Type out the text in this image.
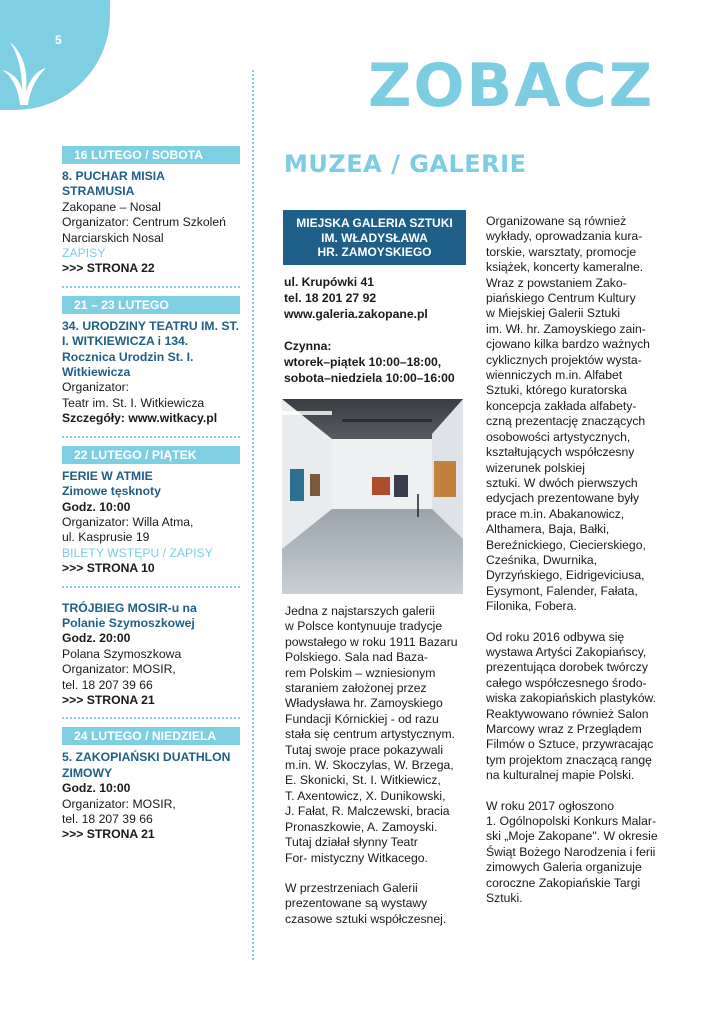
5
ZOBACZ
MUZEA / GALERIE
16 LUTEGO / SOBOTA
8. PUCHAR MISIA STRAMUSIA
Zakopane – Nosal
Organizator: Centrum Szkoleń Narciarskich Nosal
ZAPISY
>>> STRONA 22
21 – 23 LUTEGO
34. URODZINY TEATRU IM. ST. I. WITKIEWICZA i 134. Rocznica Urodzin St. I. Witkiewicza
Organizator:
Teatr im. St. I. Witkiewicza
Szczegóły: www.witkacy.pl
22 LUTEGO / PIĄTEK
FERIE W ATMIE
Zimowe tęsknoty
Godz. 10:00
Organizator: Willa Atma,
ul. Kasprusie 19
BILETY WSTĘPU / ZAPISY
>>> STRONA 10
TRÓJBIEG MOSIR-u na Polanie Szymoszkowej
Godz. 20:00
Polana Szymoszkowa
Organizator: MOSIR,
tel. 18 207 39 66
>>> STRONA 21
24 LUTEGO / NIEDZIELA
5. ZAKOPIAŃSKI DUATHLON ZIMOWY
Godz. 10:00
Organizator: MOSIR,
tel. 18 207 39 66
>>> STRONA 21
MIEJSKA GALERIA SZTUKI
IM. WŁADYSŁAWA
HR. ZAMOYSKIEGO
ul. Krupówki 41
tel. 18 201 27 92
www.galeria.zakopane.pl
Czynna:
wtorek–piątek 10:00–18:00,
sobota–niedziela 10:00–16:00
Jedna z najstarszych galerii
w Polsce kontynuuje tradycje
powstałego w roku 1911 Bazaru
Polskiego. Sala nad Baza-
rem Polskim – wzniesionym
staraniem założonej przez
Władysława hr. Zamoyskiego
Fundacji Kórnickiej - od razu
stała się centrum artystycznym.
Tutaj swoje prace pokazywali
m.in. W. Skoczylas, W. Brzega,
E. Skonicki, St. I. Witkiewicz,
T. Axentowicz, X. Dunikowski,
J. Fałat, R. Malczewski, bracia
Pronaszkowie, A. Zamoyski.
Tutaj działał słynny Teatr
For- mistyczny Witkacego.
W przestrzeniach Galerii
prezentowane są wystawy
czasowe sztuki współczesnej.
Organizowane są również
wykłady, oprowadzania kura-
torskie, warsztaty, promocje
książek, koncerty kameralne.
Wraz z powstaniem Zako-
piańskiego Centrum Kultury
w Miejskiej Galerii Sztuki
im. Wł. hr. Zamoyskiego zain-
cjowano kilka bardzo ważnych
cyklicznych projektów wysta-
wienniczych m.in. Alfabet
Sztuki, którego kuratorska
koncepcja zakłada alfabety-
czną prezentację znaczących
osobowości artystycznych,
kształtujących współczesny
wizerunek polskiej
sztuki. W dwóch pierwszych
edycjach prezentowane były
prace m.in. Abakanowicz,
Althamera, Baja, Bałki,
Bereźnickiego, Ciecierskiego,
Cześnika, Dwurnika,
Dyrzyńskiego, Eidrigeviciusa,
Eysymont, Falender, Fałata,
Filonika, Fobera.
Od roku 2016 odbywa się
wystawa Artyści Zakopiańscy,
prezentująca dorobek twórczy
całego współczesnego środo-
wiska zakopiańskich plastyków.
Reaktywowano również Salon
Marcowy wraz z Przeglądem
Filmów o Sztuce, przywracając
tym projektom znaczącą rangę
na kulturalnej mapie Polski.
W roku 2017 ogłoszono
1. Ogólnopolski Konkurs Malar-
ski „Moje Zakopane". W okresie
Świąt Bożego Narodzenia i ferii
zimowych Galeria organizuje
coroczne Zakopiańskie Targi
Sztuki.
